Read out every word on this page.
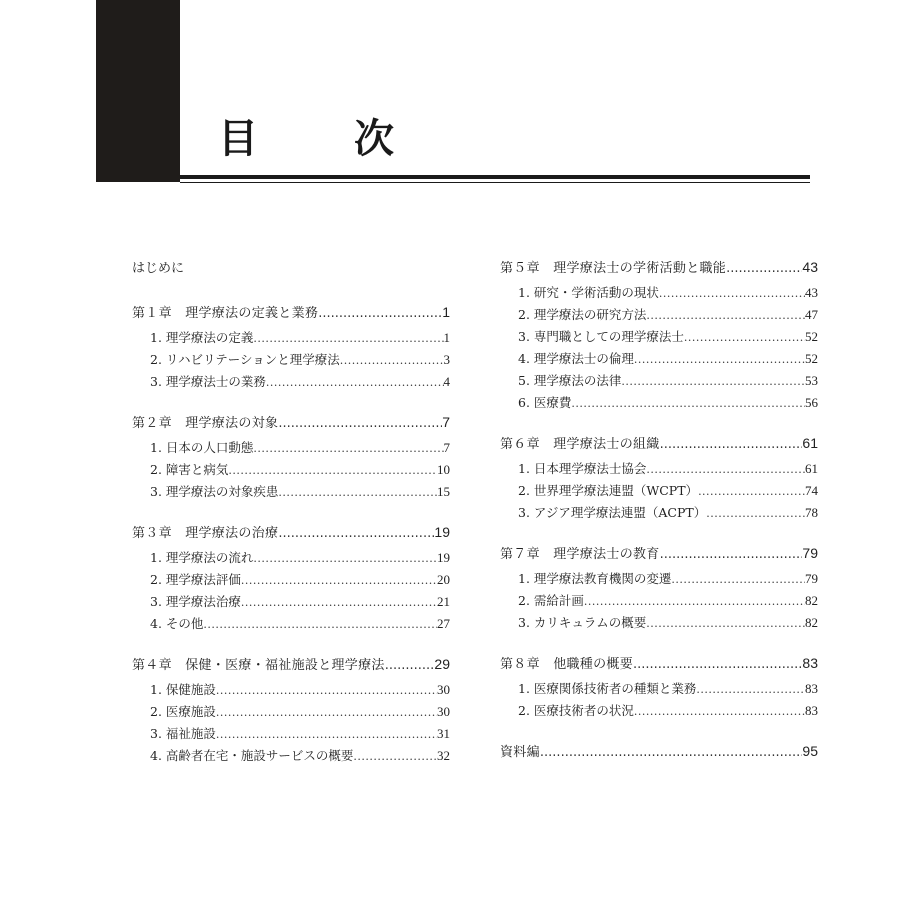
目　次
はじめに
第１章　理学療法の定義と業務 .....	1
1. 理学療法の定義 .....	1
2. リハビリテーションと理学療法 .....	3
3. 理学療法士の業務 .....	4
第２章　理学療法の対象 .....	7
1. 日本の人口動態 .....	7
2. 障害と病気 .....	10
3. 理学療法の対象疾患 .....	15
第３章　理学療法の治療 .....	19
1. 理学療法の流れ .....	19
2. 理学療法評価 .....	20
3. 理学療法治療 .....	21
4. その他 .....	27
第４章　保健・医療・福祉施設と理学療法 .....	29
1. 保健施設 .....	30
2. 医療施設 .....	30
3. 福祉施設 .....	31
4. 高齢者在宅・施設サービスの概要 .....	32
第５章　理学療法士の学術活動と職能 .....	43
1. 研究・学術活動の現状 .....	43
2. 理学療法の研究方法 .....	47
3. 専門職としての理学療法士 .....	52
4. 理学療法士の倫理 .....	52
5. 理学療法の法律 .....	53
6. 医療費 .....	56
第６章　理学療法士の組織 .....	61
1. 日本理学療法士協会 .....	61
2. 世界理学療法連盟（WCPT） .....	74
3. アジア理学療法連盟（ACPT） .....	78
第７章　理学療法士の教育 .....	79
1. 理学療法教育機関の変遷 .....	79
2. 需給計画 .....	82
3. カリキュラムの概要 .....	82
第８章　他職種の概要 .....	83
1. 医療関係技術者の種類と業務 .....	83
2. 医療技術者の状況 .....	83
資料編 .....	95
